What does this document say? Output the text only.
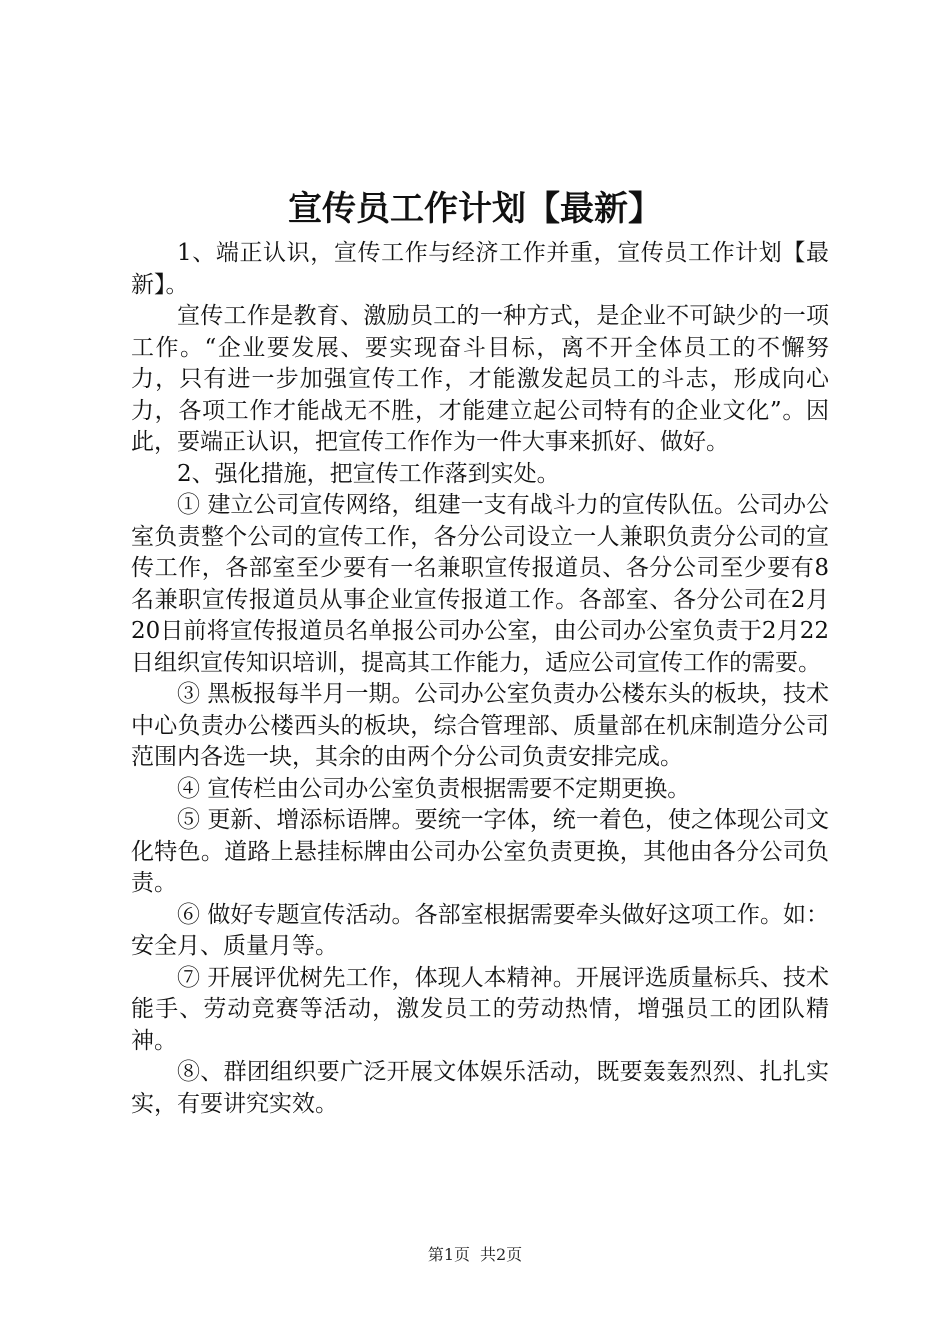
宣传员工作计划【最新】

1、端正认识，宣传工作与经济工作并重，宣传员工作计划【最新】。

宣传工作是教育、激励员工的一种方式，是企业不可缺少的一项工作。“企业要发展、要实现奋斗目标，离不开全体员工的不懈努力，只有进一步加强宣传工作，才能激发起员工的斗志，形成向心力，各项工作才能战无不胜，才能建立起公司特有的企业文化”。因此，要端正认识，把宣传工作作为一件大事来抓好、做好。

2、强化措施，把宣传工作落到实处。

① 建立公司宣传网络，组建一支有战斗力的宣传队伍。公司办公室负责整个公司的宣传工作，各分公司设立一人兼职负责分公司的宣传工作，各部室至少要有一名兼职宣传报道员、各分公司至少要有8名兼职宣传报道员从事企业宣传报道工作。各部室、各分公司在2月20日前将宣传报道员名单报公司办公室，由公司办公室负责于2月22日组织宣传知识培训，提高其工作能力，适应公司宣传工作的需要。

③ 黑板报每半月一期。公司办公室负责办公楼东头的板块，技术中心负责办公楼西头的板块，综合管理部、质量部在机床制造分公司范围内各选一块，其余的由两个分公司负责安排完成。

④ 宣传栏由公司办公室负责根据需要不定期更换。

⑤ 更新、增添标语牌。要统一字体，统一着色，使之体现公司文化特色。道路上悬挂标牌由公司办公室负责更换，其他由各分公司负责。

⑥ 做好专题宣传活动。各部室根据需要牵头做好这项工作。如：安全月、质量月等。

⑦ 开展评优树先工作，体现人本精神。开展评选质量标兵、技术能手、劳动竞赛等活动，激发员工的劳动热情，增强员工的团队精神。

⑧、群团组织要广泛开展文体娱乐活动，既要轰轰烈烈、扎扎实实，有要讲究实效。

第1页 共2页
